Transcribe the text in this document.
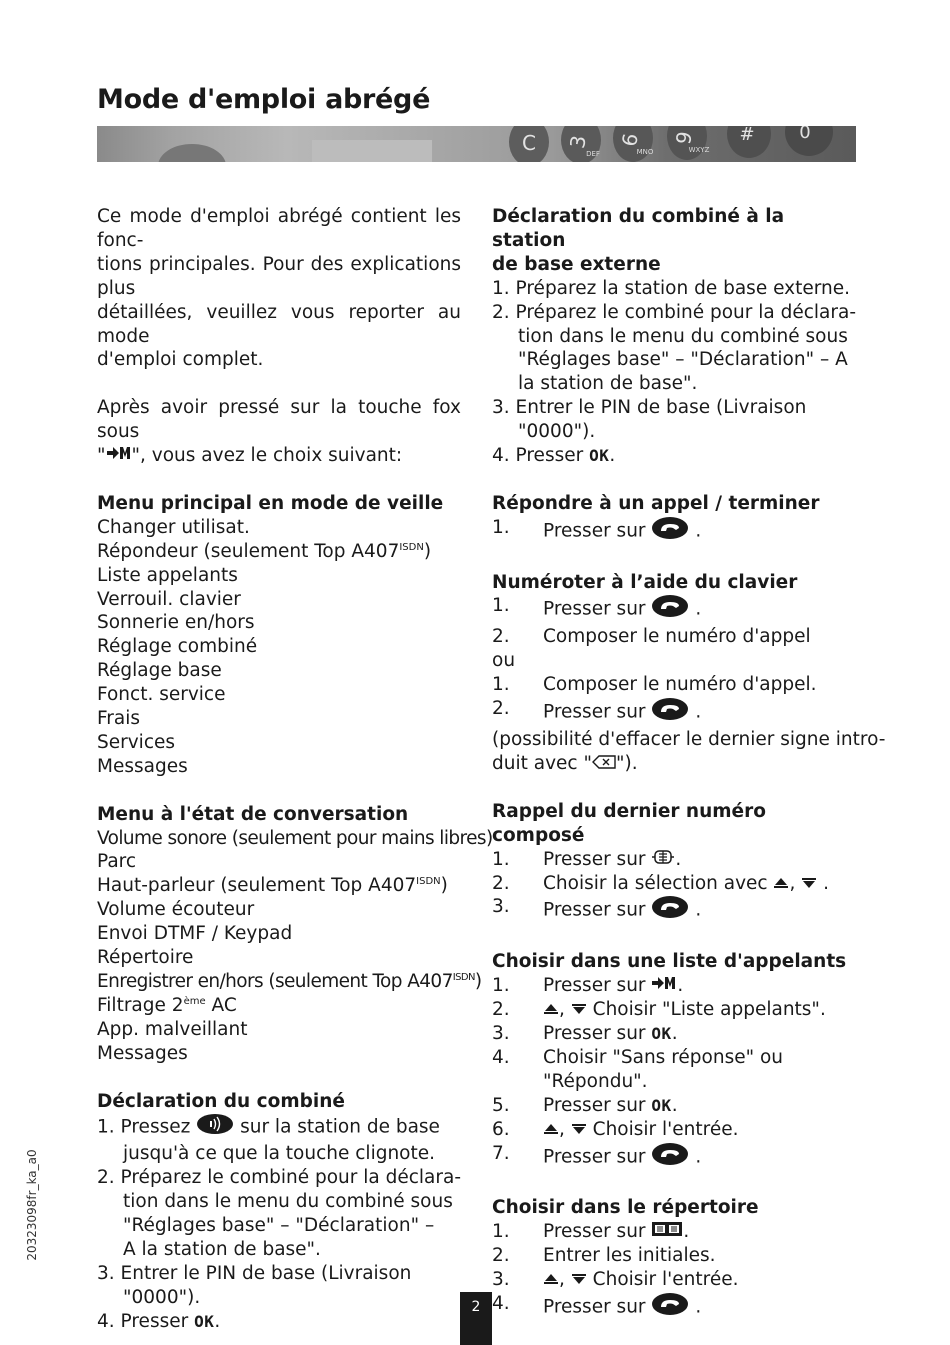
Mode d'emploi abrégé
C 3
DEF
6
MNO
9
WXYZ
# 0
Ce mode d'emploi abrégé contient les fonc-
tions principales. Pour des explications plus
détaillées, veuillez vous reporter au mode
d'emploi complet.
Après avoir pressé sur la touche fox sous
" ", vous avez le choix suivant:
Menu principal en mode de veille
Changer utilisat.
Répondeur (seulement Top $A407^{ISDN}$)
Liste appelants
Verrouil. clavier
Sonnerie en/hors
Réglage combiné
Réglage base
Fonct. service
Frais
Services
Messages
Menu à l'état de conversation
Volume sonore (seulement pour mains libres)
Parc
Haut-parleur (seulement Top $A407^{ISDN}$)
Volume écouteur
Envoi DTMF / Keypad
Répertoire
Enregistrer en/hors (seulement Top $A407^{ISDN}$)
Filtrage 2ème AC
App. malveillant
Messages
Déclaration du combiné
1. Pressez  sur la station de base
jusqu'à ce que la touche clignote.
2. Préparez le combiné pour la déclara-
tion dans le menu du combiné sous
"Réglages base" – "Déclaration" –
A la station de base".
3. Entrer le PIN de base (Livraison
"0000").
4. Presser OK.
Déclaration du combiné à la station
de base externe
1. Préparez la station de base externe.
2. Préparez le combiné pour la déclara-
tion dans le menu du combiné sous
"Réglages base" – "Déclaration" – A
la station de base".
3. Entrer le PIN de base (Livraison
"0000").
4. Presser OK.
Répondre à un appel / terminer
1.	Presser sur  .
Numéroter à l’aide du clavier
1.	Presser sur  .
2.	Composer le numéro d'appel
ou
1.	Composer le numéro d'appel.
2.	Presser sur  .
(possibilité d'effacer le dernier signe intro-
duit avec " ").
Rappel du dernier numéro composé
1.	Presser sur .
2.	Choisir la sélection avec , .
3.	Presser sur  .
Choisir dans une liste d'appelants
1.	Presser sur .
2.	,  Choisir "Liste appelants".
3.	Presser sur OK.
4.	Choisir "Sans réponse" ou
"Répondu".
5.	Presser sur OK.
6.	,  Choisir l'entrée.
7.	Presser sur  .
Choisir dans le répertoire
1.	Presser sur .
2.	Entrer les initiales.
3.	,  Choisir l'entrée.
4.	Presser sur  .
20323098fr_ka_a0
2
